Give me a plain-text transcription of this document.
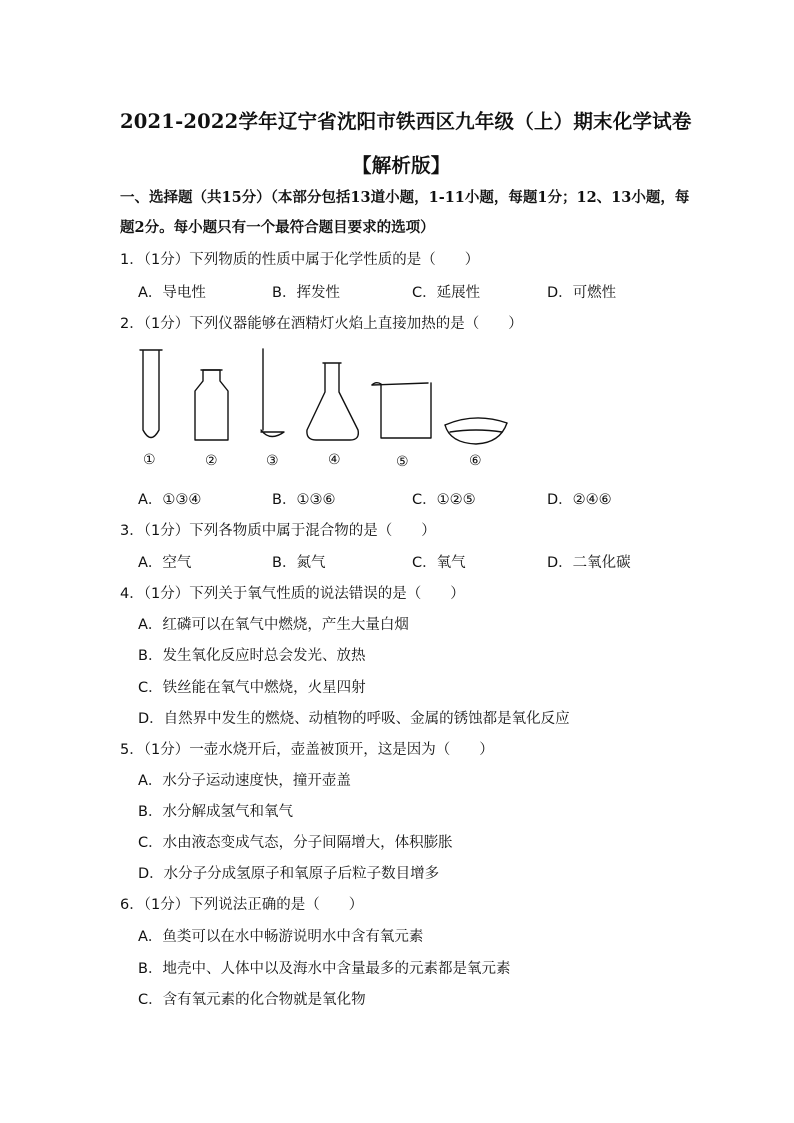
2021-2022学年辽宁省沈阳市铁西区九年级（上）期末化学试卷
【解析版】
一、选择题（共15分）（本部分包括13道小题，1-11小题，每题1分；12、13小题，每
题2分。每小题只有一个最符合题目要求的选项）
1．（1分）下列物质的性质中属于化学性质的是（　　）
A．导电性	B．挥发性	C．延展性	D．可燃性
2．（1分）下列仪器能够在酒精灯火焰上直接加热的是（　　）
①	②	③	④	⑤	⑥
A．①③④	B．①③⑥	C．①②⑤	D．②④⑥
3．（1分）下列各物质中属于混合物的是（　　）
A．空气	B．氮气	C．氧气	D．二氧化碳
4．（1分）下列关于氧气性质的说法错误的是（　　）
A．红磷可以在氧气中燃烧，产生大量白烟
B．发生氧化反应时总会发光、放热
C．铁丝能在氧气中燃烧，火星四射
D．自然界中发生的燃烧、动植物的呼吸、金属的锈蚀都是氧化反应
5．（1分）一壶水烧开后，壶盖被顶开，这是因为（　　）
A．水分子运动速度快，撞开壶盖
B．水分解成氢气和氧气
C．水由液态变成气态，分子间隔增大，体积膨胀
D．水分子分成氢原子和氧原子后粒子数目增多
6．（1分）下列说法正确的是（　　）
A．鱼类可以在水中畅游说明水中含有氧元素
B．地壳中、人体中以及海水中含量最多的元素都是氧元素
C．含有氧元素的化合物就是氧化物
